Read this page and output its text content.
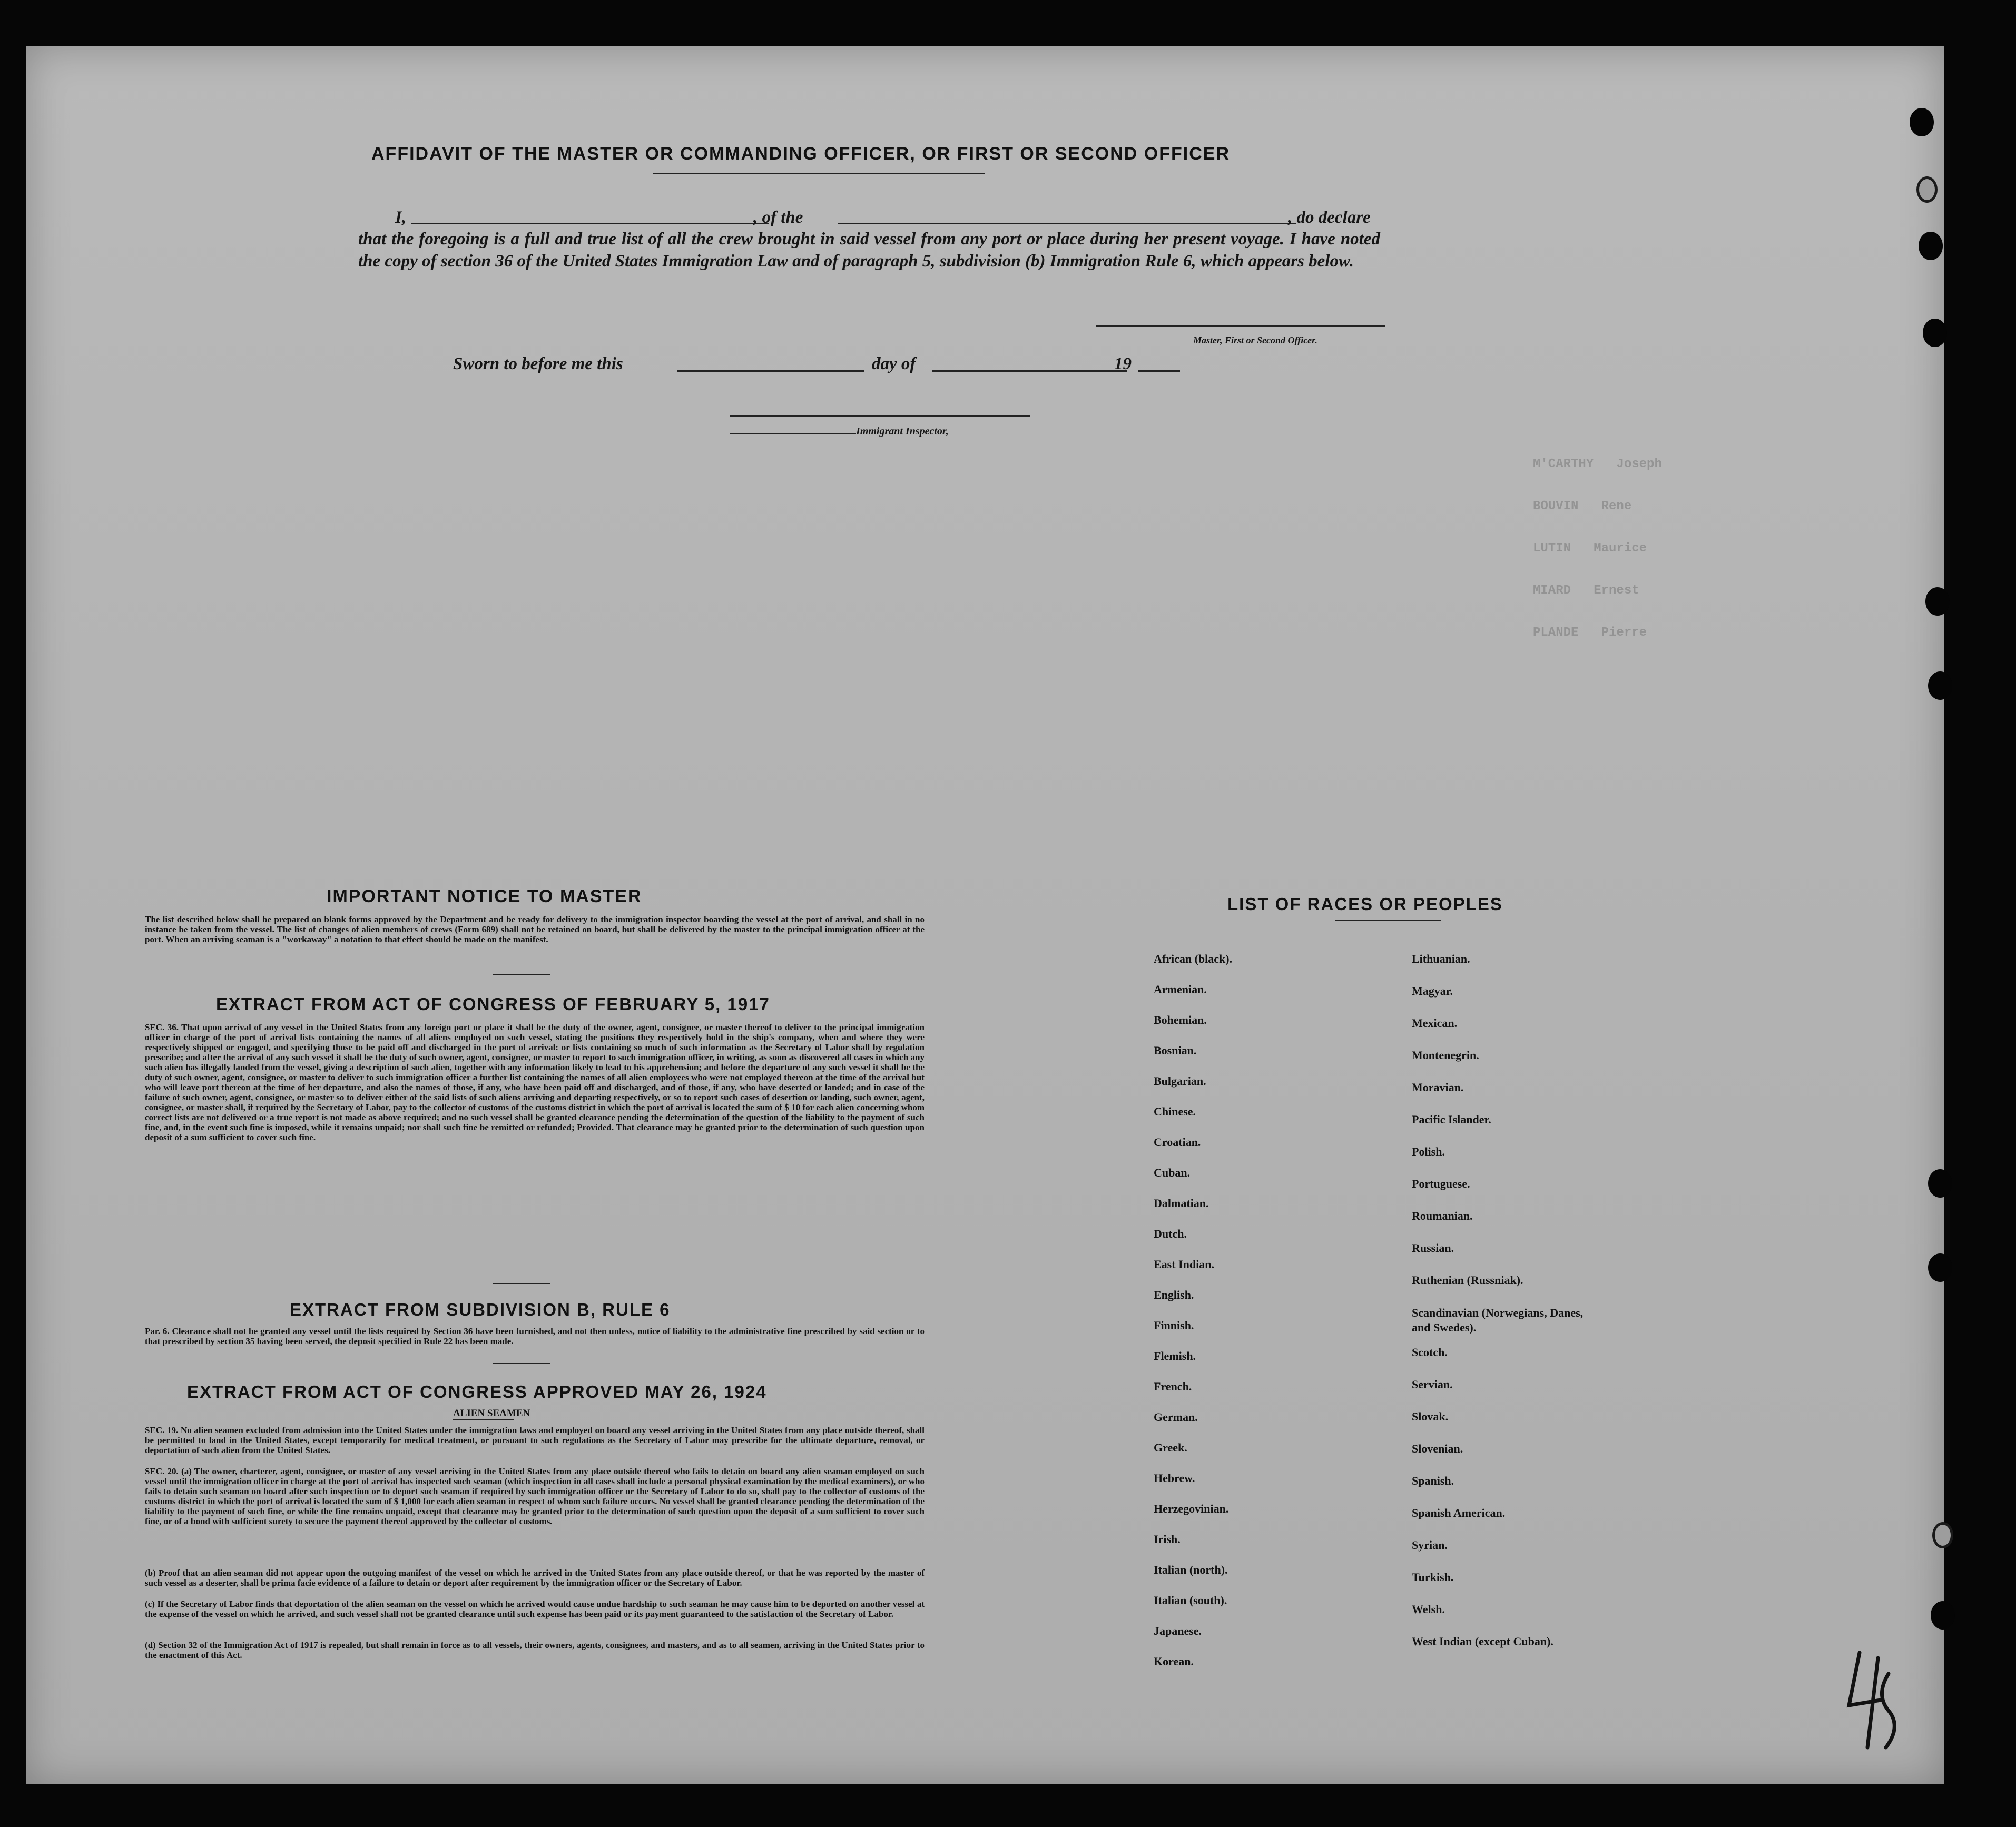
M'CARTHY   Joseph
BOUVIN   Rene
LUTIN   Maurice
MIARD   Ernest
PLANDE   Pierre
AFFIDAVIT OF THE MASTER OR COMMANDING OFFICER, OR FIRST OR SECOND OFFICER
I,	, of the	, do declare
that the foregoing is a full and true list of all the crew brought in said vessel from any port or place during her present voyage. I have noted the copy of section 36 of the United States Immigration Law and of paragraph 5, subdivision (b) Immigration Rule 6, which appears below.
Master, First or Second Officer.
Sworn to before me this	day of	19
Immigrant Inspector,
IMPORTANT NOTICE TO MASTER
The list described below shall be prepared on blank forms approved by the Department and be ready for delivery to the immigration inspector boarding the vessel at the port of arrival, and shall in no instance be taken from the vessel. The list of changes of alien members of crews (Form 689) shall not be retained on board, but shall be delivered by the master to the principal immigration officer at the port. When an arriving seaman is a "workaway" a notation to that effect should be made on the manifest.
EXTRACT FROM ACT OF CONGRESS OF FEBRUARY 5, 1917
SEC. 36. That upon arrival of any vessel in the United States from any foreign port or place it shall be the duty of the owner, agent, consignee, or master thereof to deliver to the principal immigration officer in charge of the port of arrival lists containing the names of all aliens employed on such vessel, stating the positions they respectively hold in the ship's company, when and where they were respectively shipped or engaged, and specifying those to be paid off and discharged in the port of arrival: or lists containing so much of such information as the Secretary of Labor shall by regulation prescribe; and after the arrival of any such vessel it shall be the duty of such owner, agent, consignee, or master to report to such immigration officer, in writing, as soon as discovered all cases in which any such alien has illegally landed from the vessel, giving a description of such alien, together with any information likely to lead to his apprehension; and before the departure of any such vessel it shall be the duty of such owner, agent, consignee, or master to deliver to such immigration officer a further list containing the names of all alien employees who were not employed thereon at the time of the arrival but who will leave port thereon at the time of her departure, and also the names of those, if any, who have been paid off and discharged, and of those, if any, who have deserted or landed; and in case of the failure of such owner, agent, consignee, or master so to deliver either of the said lists of such aliens arriving and departing respectively, or so to report such cases of desertion or landing, such owner, agent, consignee, or master shall, if required by the Secretary of Labor, pay to the collector of customs of the customs district in which the port of arrival is located the sum of $ 10 for each alien concerning whom correct lists are not delivered or a true report is not made as above required; and no such vessel shall be granted clearance pending the determination of the question of the liability to the payment of such fine, and, in the event such fine is imposed, while it remains unpaid; nor shall such fine be remitted or refunded; Provided. That clearance may be granted prior to the determination of such question upon deposit of a sum sufficient to cover such fine.
EXTRACT FROM SUBDIVISION B, RULE 6
Par. 6. Clearance shall not be granted any vessel until the lists required by Section 36 have been furnished, and not then unless, notice of liability to the administrative fine prescribed by said section or to that prescribed by section 35 having been served, the deposit specified in Rule 22 has been made.
EXTRACT FROM ACT OF CONGRESS APPROVED MAY 26, 1924
ALIEN SEAMEN
SEC. 19. No alien seamen excluded from admission into the United States under the immigration laws and employed on board any vessel arriving in the United States from any place outside thereof, shall be permitted to land in the United States, except temporarily for medical treatment, or pursuant to such regulations as the Secretary of Labor may prescribe for the ultimate departure, removal, or deportation of such alien from the United States.
SEC. 20. (a) The owner, charterer, agent, consignee, or master of any vessel arriving in the United States from any place outside thereof who fails to detain on board any alien seaman employed on such vessel until the immigration officer in charge at the port of arrival has inspected such seaman (which inspection in all cases shall include a personal physical examination by the medical examiners), or who fails to detain such seaman on board after such inspection or to deport such seaman if required by such immigration officer or the Secretary of Labor to do so, shall pay to the collector of customs of the customs district in which the port of arrival is located the sum of $ 1,000 for each alien seaman in respect of whom such failure occurs. No vessel shall be granted clearance pending the determination of the liability to the payment of such fine, or while the fine remains unpaid, except that clearance may be granted prior to the determination of such question upon the deposit of a sum sufficient to cover such fine, or of a bond with sufficient surety to secure the payment thereof approved by the collector of customs.
(b) Proof that an alien seaman did not appear upon the outgoing manifest of the vessel on which he arrived in the United States from any place outside thereof, or that he was reported by the master of such vessel as a deserter, shall be prima facie evidence of a failure to detain or deport after requirement by the immigration officer or the Secretary of Labor.
(c) If the Secretary of Labor finds that deportation of the alien seaman on the vessel on which he arrived would cause undue hardship to such seaman he may cause him to be deported on another vessel at the expense of the vessel on which he arrived, and such vessel shall not be granted clearance until such expense has been paid or its payment guaranteed to the satisfaction of the Secretary of Labor.
(d) Section 32 of the Immigration Act of 1917 is repealed, but shall remain in force as to all vessels, their owners, agents, consignees, and masters, and as to all seamen, arriving in the United States prior to the enactment of this Act.
LIST OF RACES OR PEOPLES
African (black).
Armenian.
Bohemian.
Bosnian.
Bulgarian.
Chinese.
Croatian.
Cuban.
Dalmatian.
Dutch.
East Indian.
English.
Finnish.
Flemish.
French.
German.
Greek.
Hebrew.
Herzegovinian.
Irish.
Italian (north).
Italian (south).
Japanese.
Korean.
Lithuanian.
Magyar.
Mexican.
Montenegrin.
Moravian.
Pacific Islander.
Polish.
Portuguese.
Roumanian.
Russian.
Ruthenian (Russniak).
Scandinavian (Norwegians, Danes, and Swedes).
Scotch.
Servian.
Slovak.
Slovenian.
Spanish.
Spanish American.
Syrian.
Turkish.
Welsh.
West Indian (except Cuban).
